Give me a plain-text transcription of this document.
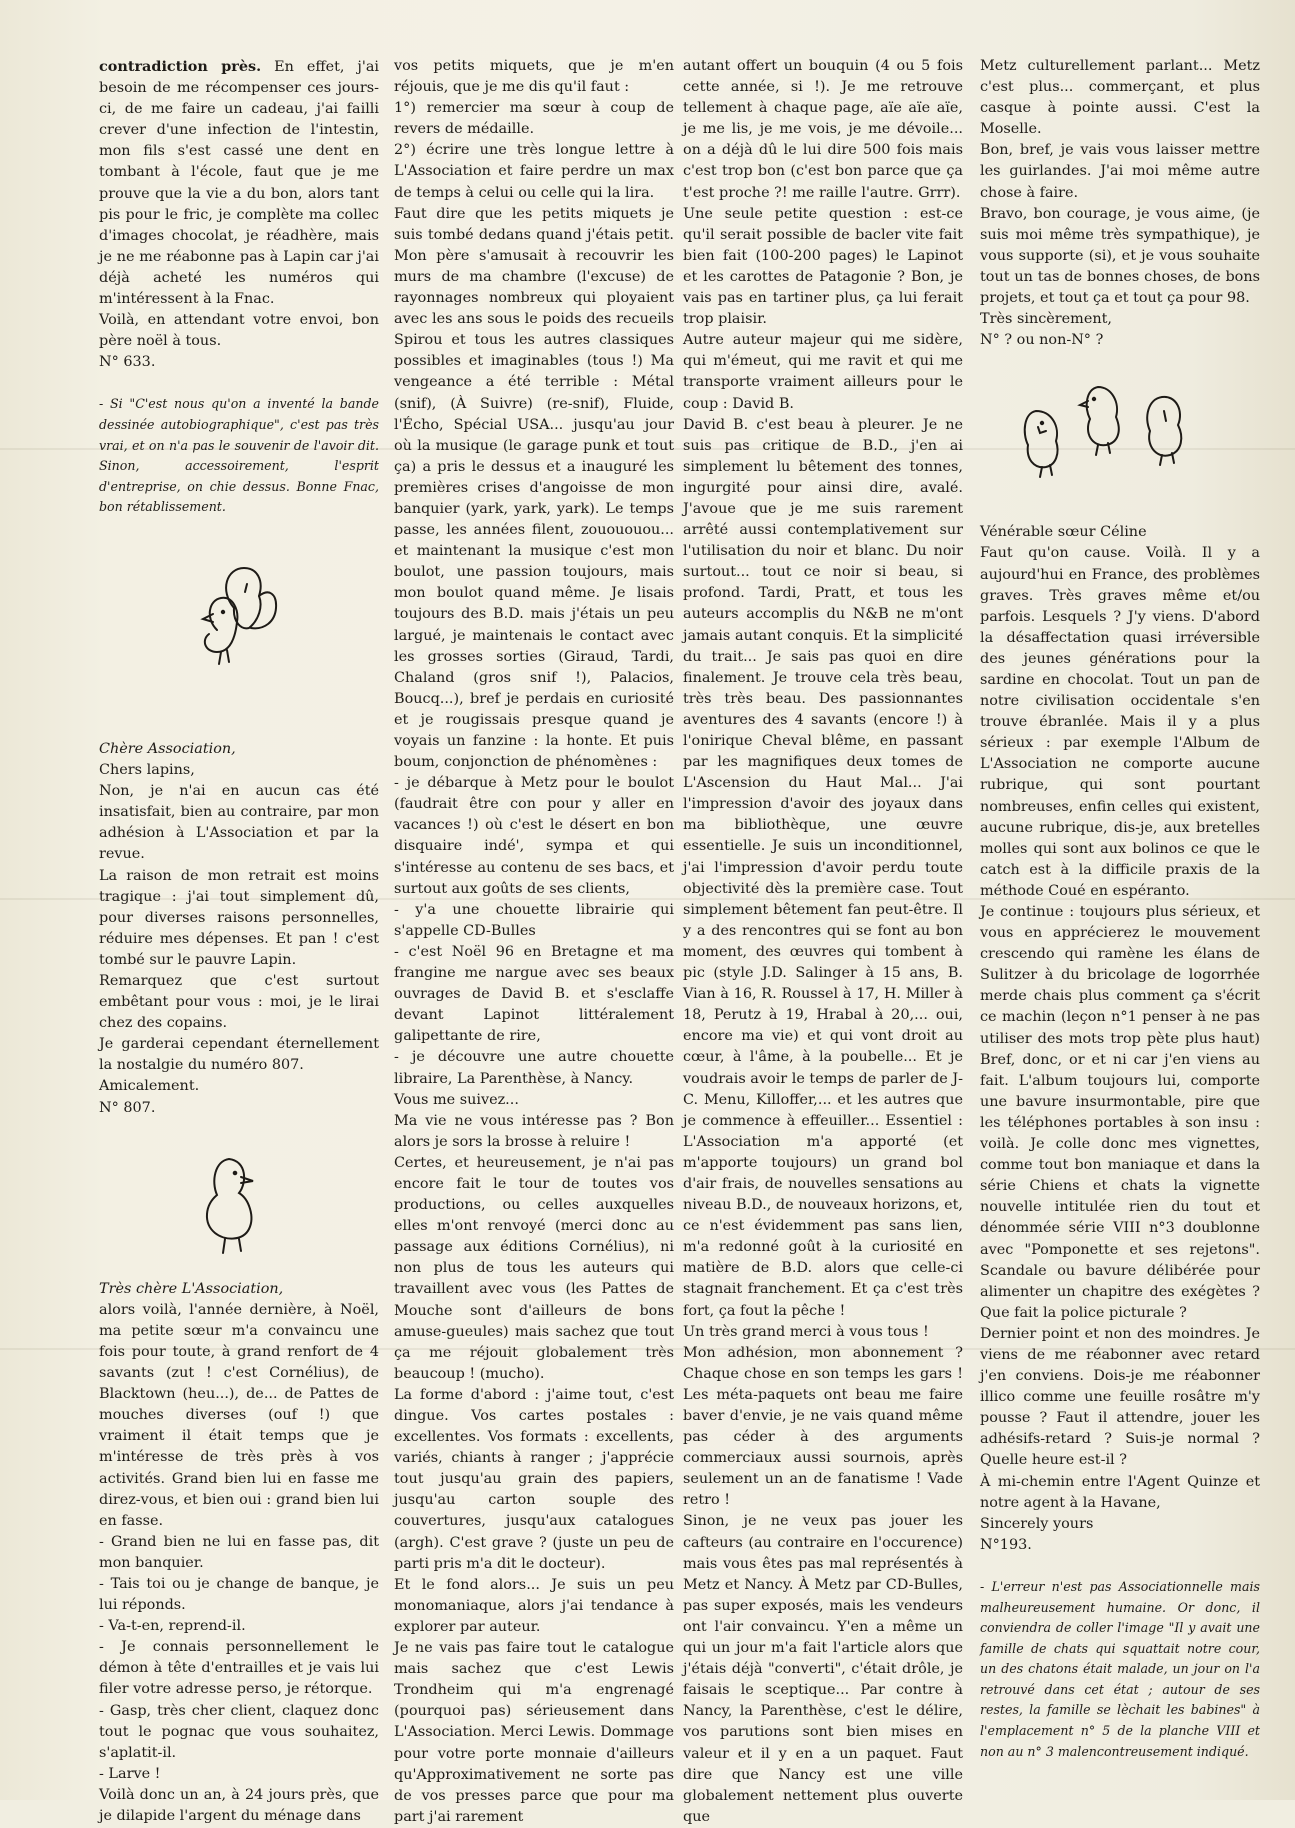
contradiction près. En effet, j'ai besoin de me récompenser ces jours-ci, de me faire un cadeau, j'ai failli crever d'une infection de l'intestin, mon fils s'est cassé une dent en tombant à l'école, faut que je me prouve que la vie a du bon, alors tant pis pour le fric, je complète ma collec d'images chocolat, je réadhère, mais je ne me réabonne pas à Lapin car j'ai déjà acheté les numéros qui m'intéressent à la Fnac.

Voilà, en attendant votre envoi, bon père noël à tous.

N° 633.

- Si "C'est nous qu'on a inventé la bande dessinée autobiographique", c'est pas très vrai, et on n'a pas le souvenir de l'avoir dit. Sinon, accessoirement, l'esprit d'entreprise, on chie dessus. Bonne Fnac, bon rétablissement.

Chère Association,

Chers lapins,

Non, je n'ai en aucun cas été insatisfait, bien au contraire, par mon adhésion à L'Association et par la revue.

La raison de mon retrait est moins tragique : j'ai tout simplement dû, pour diverses raisons personnelles, réduire mes dépenses. Et pan ! c'est tombé sur le pauvre Lapin.

Remarquez que c'est surtout embêtant pour vous : moi, je le lirai chez des copains.

Je garderai cependant éternellement la nostalgie du numéro 807.

Amicalement.

N° 807.

Très chère L'Association,

alors voilà, l'année dernière, à Noël, ma petite sœur m'a convaincu une fois pour toute, à grand renfort de 4 savants (zut ! c'est Cornélius), de Blacktown (heu...), de... de Pattes de mouches diverses (ouf !) que vraiment il était temps que je m'intéresse de très près à vos activités. Grand bien lui en fasse me direz-vous, et bien oui : grand bien lui en fasse.

- Grand bien ne lui en fasse pas, dit mon banquier.

- Tais toi ou je change de banque, je lui réponds.

- Va-t-en, reprend-il.

- Je connais personnellement le démon à tête d'entrailles et je vais lui filer votre adresse perso, je rétorque.

- Gasp, très cher client, claquez donc tout le pognac que vous souhaitez, s'aplatit-il.

- Larve !

Voilà donc un an, à 24 jours près, que je dilapide l'argent du ménage dans

vos petits miquets, que je m'en réjouis, que je me dis qu'il faut :

1°) remercier ma sœur à coup de revers de médaille.

2°) écrire une très longue lettre à L'Association et faire perdre un max de temps à celui ou celle qui la lira.

Faut dire que les petits miquets je suis tombé dedans quand j'étais petit. Mon père s'amusait à recouvrir les murs de ma chambre (l'excuse) de rayonnages nombreux qui ployaient avec les ans sous le poids des recueils Spirou et tous les autres classiques possibles et imaginables (tous !) Ma vengeance a été terrible : Métal (snif), (À Suivre) (re-snif), Fluide, l'Écho, Spécial USA... jusqu'au jour où la musique (le garage punk et tout ça) a pris le dessus et a inauguré les premières crises d'angoisse de mon banquier (yark, yark, yark). Le temps passe, les années filent, zouououou... et maintenant la musique c'est mon boulot, une passion toujours, mais mon boulot quand même. Je lisais toujours des B.D. mais j'étais un peu largué, je maintenais le contact avec les grosses sorties (Giraud, Tardi, Chaland (gros snif !), Palacios, Boucq...), bref je perdais en curiosité et je rougissais presque quand je voyais un fanzine : la honte. Et puis boum, conjonction de phénomènes :

- je débarque à Metz pour le boulot (faudrait être con pour y aller en vacances !) où c'est le désert en bon disquaire indé', sympa et qui s'intéresse au contenu de ses bacs, et surtout aux goûts de ses clients,

- y'a une chouette librairie qui s'appelle CD-Bulles

- c'est Noël 96 en Bretagne et ma frangine me nargue avec ses beaux ouvrages de David B. et s'esclaffe devant Lapinot littéralement galipettante de rire,

- je découvre une autre chouette libraire, La Parenthèse, à Nancy.

Vous me suivez...

Ma vie ne vous intéresse pas ? Bon alors je sors la brosse à reluire !

Certes, et heureusement, je n'ai pas encore fait le tour de toutes vos productions, ou celles auxquelles elles m'ont renvoyé (merci donc au passage aux éditions Cornélius), ni non plus de tous les auteurs qui travaillent avec vous (les Pattes de Mouche sont d'ailleurs de bons amuse-gueules) mais sachez que tout ça me réjouit globalement très beaucoup ! (mucho).

La forme d'abord : j'aime tout, c'est dingue. Vos cartes postales : excellentes. Vos formats : excellents, variés, chiants à ranger ; j'apprécie tout jusqu'au grain des papiers, jusqu'au carton souple des couvertures, jusqu'aux catalogues (argh). C'est grave ? (juste un peu de parti pris m'a dit le docteur).

Et le fond alors... Je suis un peu monomaniaque, alors j'ai tendance à explorer par auteur.

Je ne vais pas faire tout le catalogue mais sachez que c'est Lewis Trondheim qui m'a engrenagé (pourquoi pas) sérieusement dans L'Association. Merci Lewis. Dommage pour votre porte monnaie d'ailleurs qu'Approximativement ne sorte pas de vos presses parce que pour ma part j'ai rarement

autant offert un bouquin (4 ou 5 fois cette année, si !). Je me retrouve tellement à chaque page, aïe aïe aïe, je me lis, je me vois, je me dévoile... on a déjà dû le lui dire 500 fois mais c'est trop bon (c'est bon parce que ça t'est proche ?! me raille l'autre. Grrr).

Une seule petite question : est-ce qu'il serait possible de bacler vite fait bien fait (100-200 pages) le Lapinot et les carottes de Patagonie ? Bon, je vais pas en tartiner plus, ça lui ferait trop plaisir.

Autre auteur majeur qui me sidère, qui m'émeut, qui me ravit et qui me transporte vraiment ailleurs pour le coup : David B.

David B. c'est beau à pleurer. Je ne suis pas critique de B.D., j'en ai simplement lu bêtement des tonnes, ingurgité pour ainsi dire, avalé. J'avoue que je me suis rarement arrêté aussi contemplativement sur l'utilisation du noir et blanc. Du noir surtout... tout ce noir si beau, si profond. Tardi, Pratt, et tous les auteurs accomplis du N&B ne m'ont jamais autant conquis. Et la simplicité du trait... Je sais pas quoi en dire finalement. Je trouve cela très beau, très très beau. Des passionnantes aventures des 4 savants (encore !) à l'onirique Cheval blême, en passant par les magnifiques deux tomes de L'Ascension du Haut Mal... J'ai l'impression d'avoir des joyaux dans ma bibliothèque, une œuvre essentielle. Je suis un inconditionnel, j'ai l'impression d'avoir perdu toute objectivité dès la première case. Tout simplement bêtement fan peut-être. Il y a des rencontres qui se font au bon moment, des œuvres qui tombent à pic (style J.D. Salinger à 15 ans, B. Vian à 16, R. Roussel à 17, H. Miller à 18, Perutz à 19, Hrabal à 20,... oui, encore ma vie) et qui vont droit au cœur, à l'âme, à la poubelle... Et je voudrais avoir le temps de parler de J-C. Menu, Killoffer,... et les autres que je commence à effeuiller... Essentiel : L'Association m'a apporté (et m'apporte toujours) un grand bol d'air frais, de nouvelles sensations au niveau B.D., de nouveaux horizons, et, ce n'est évidemment pas sans lien, m'a redonné goût à la curiosité en matière de B.D. alors que celle-ci stagnait franchement. Et ça c'est très fort, ça fout la pêche !

Un très grand merci à vous tous !

Mon adhésion, mon abonnement ? Chaque chose en son temps les gars ! Les méta-paquets ont beau me faire baver d'envie, je ne vais quand même pas céder à des arguments commerciaux aussi sournois, après seulement un an de fanatisme ! Vade retro !

Sinon, je ne veux pas jouer les cafteurs (au contraire en l'occurence) mais vous êtes pas mal représentés à Metz et Nancy. À Metz par CD-Bulles, pas super exposés, mais les vendeurs ont l'air convaincu. Y'en a même un qui un jour m'a fait l'article alors que j'étais déjà "converti", c'était drôle, je faisais le sceptique... Par contre à Nancy, la Parenthèse, c'est le délire, vos parutions sont bien mises en valeur et il y en a un paquet. Faut dire que Nancy est une ville globalement nettement plus ouverte que

Metz culturellement parlant... Metz c'est plus... commerçant, et plus casque à pointe aussi. C'est la Moselle.

Bon, bref, je vais vous laisser mettre les guirlandes. J'ai moi même autre chose à faire.

Bravo, bon courage, je vous aime, (je suis moi même très sympathique), je vous supporte (si), et je vous souhaite tout un tas de bonnes choses, de bons projets, et tout ça et tout ça pour 98.

Très sincèrement,

N° ? ou non-N° ?

Vénérable sœur Céline

Faut qu'on cause. Voilà. Il y a aujourd'hui en France, des problèmes graves. Très graves même et/ou parfois. Lesquels ? J'y viens. D'abord la désaffectation quasi irréversible des jeunes générations pour la sardine en chocolat. Tout un pan de notre civilisation occidentale s'en trouve ébranlée. Mais il y a plus sérieux : par exemple l'Album de L'Association ne comporte aucune rubrique, qui sont pourtant nombreuses, enfin celles qui existent, aucune rubrique, dis-je, aux bretelles molles qui sont aux bolinos ce que le catch est à la difficile praxis de la méthode Coué en espéranto.

Je continue : toujours plus sérieux, et vous en apprécierez le mouvement crescendo qui ramène les élans de Sulitzer à du bricolage de logorrhée merde chais plus comment ça s'écrit ce machin (leçon n°1 penser à ne pas utiliser des mots trop pète plus haut) Bref, donc, or et ni car j'en viens au fait. L'album toujours lui, comporte une bavure insurmontable, pire que les téléphones portables à son insu : voilà. Je colle donc mes vignettes, comme tout bon maniaque et dans la série Chiens et chats la vignette nouvelle intitulée rien du tout et dénommée série VIII n°3 doublonne avec "Pomponette et ses rejetons". Scandale ou bavure délibérée pour alimenter un chapitre des exégètes ? Que fait la police picturale ?

Dernier point et non des moindres. Je viens de me réabonner avec retard j'en conviens. Dois-je me réabonner illico comme une feuille rosâtre m'y pousse ? Faut il attendre, jouer les adhésifs-retard ? Suis-je normal ? Quelle heure est-il ?

À mi-chemin entre l'Agent Quinze et notre agent à la Havane,

Sincerely yours

N°193.

- L'erreur n'est pas Associationnelle mais malheureusement humaine. Or donc, il conviendra de coller l'image "Il y avait une famille de chats qui squattait notre cour, un des chatons était malade, un jour on l'a retrouvé dans cet état ; autour de ses restes, la famille se lèchait les babines" à l'emplacement n° 5 de la planche VIII et non au n° 3 malencontreusement indiqué.
